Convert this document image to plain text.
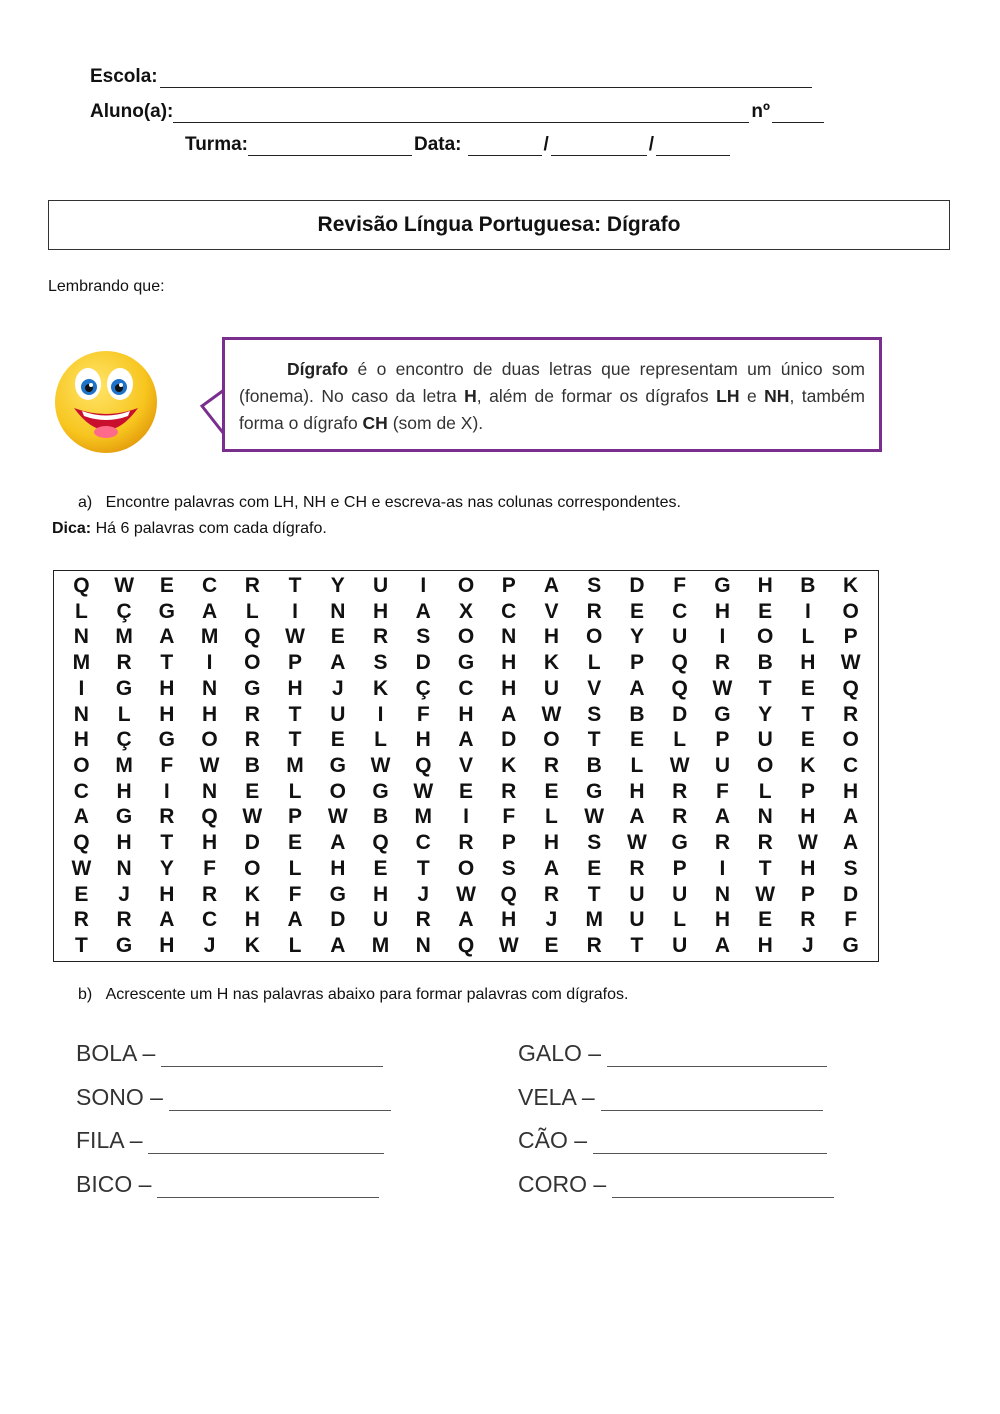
Escola:
Aluno(a):	nº
Turma:	Data:	/	/
Revisão Língua Portuguesa: Dígrafo
Lembrando que:
Dígrafo é o encontro de duas letras que representam um único som (fonema). No caso da letra H, além de formar os dígrafos LH e NH, também forma o dígrafo CH (som de X).
a)   Encontre palavras com LH, NH e CH e escreva-as nas colunas correspondentes.
Dica: Há 6 palavras com cada dígrafo.
Q	W	E	C	R	T	Y	U	I	O	P	A	S	D	F	G	H	B	K
L	Ç	G	A	L	I	N	H	A	X	C	V	R	E	C	H	E	I	O
N	M	A	M	Q	W	E	R	S	O	N	H	O	Y	U	I	O	L	P
M	R	T	I	O	P	A	S	D	G	H	K	L	P	Q	R	B	H	W
I	G	H	N	G	H	J	K	Ç	C	H	U	V	A	Q	W	T	E	Q
N	L	H	H	R	T	U	I	F	H	A	W	S	B	D	G	Y	T	R
H	Ç	G	O	R	T	E	L	H	A	D	O	T	E	L	P	U	E	O
O	M	F	W	B	M	G	W	Q	V	K	R	B	L	W	U	O	K	C
C	H	I	N	E	L	O	G	W	E	R	E	G	H	R	F	L	P	H
A	G	R	Q	W	P	W	B	M	I	F	L	W	A	R	A	N	H	A
Q	H	T	H	D	E	A	Q	C	R	P	H	S	W	G	R	R	W	A
W	N	Y	F	O	L	H	E	T	O	S	A	E	R	P	I	T	H	S
E	J	H	R	K	F	G	H	J	W	Q	R	T	U	U	N	W	P	D
R	R	A	C	H	A	D	U	R	A	H	J	M	U	L	H	E	R	F
T	G	H	J	K	L	A	M	N	Q	W	E	R	T	U	A	H	J	G
b)   Acrescente um H nas palavras abaixo para formar palavras com dígrafos.
BOLA –
SONO –
FILA –
BICO –
GALO –
VELA –
CÃO –
CORO –
